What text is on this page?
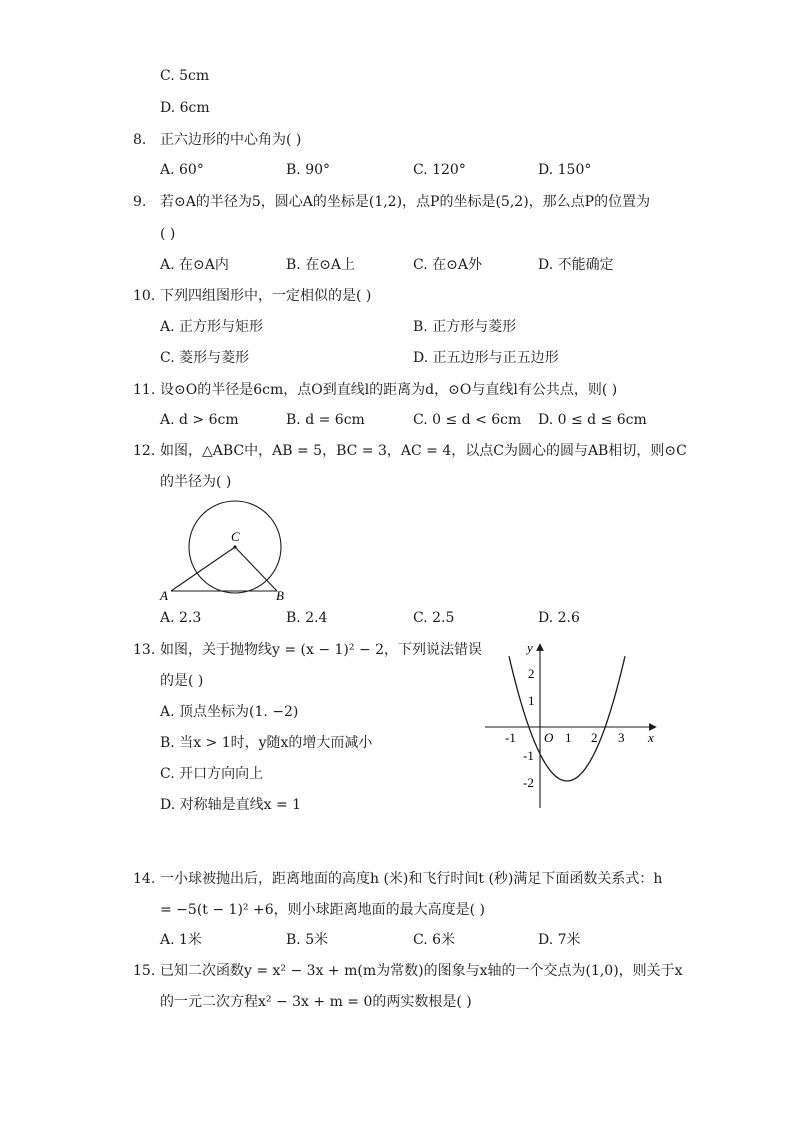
C. 5cm
D. 6cm
8. 正六边形的中心角为( )
A. 60°	B. 90°	C. 120°	D. 150°
9. 若⊙A的半径为5，圆心A的坐标是(1,2)，点P的坐标是(5,2)，那么点P的位置为
( )
A. 在⊙A内	B. 在⊙A上	C. 在⊙A外	D. 不能确定
10. 下列四组图形中，一定相似的是( )
A. 正方形与矩形	B. 正方形与菱形
C. 菱形与菱形	D. 正五边形与正五边形
11. 设⊙O的半径是6cm，点O到直线l的距离为d，⊙O与直线l有公共点，则( )
A. d > 6cm	B. d = 6cm	C. 0 ≤ d < 6cm D. 0 ≤ d ≤ 6cm
12. 如图，△ABC中，AB = 5，BC = 3，AC = 4，以点C为圆心的圆与AB相切，则⊙C
的半径为( )
C
A	B
A. 2.3	B. 2.4	C. 2.5	D. 2.6
13. 如图，关于抛物线y = (x − 1)² − 2，下列说法错误
的是( )
A. 顶点坐标为(1. −2)
B. 当x > 1时，y随x的增大而减小
C. 开口方向向上
D. 对称轴是直线x = 1
y
x
O
-1	1 2 3
2
1
-1
-2
14. 一小球被抛出后，距离地面的高度h (米)和飞行时间t (秒)满足下面函数关系式：h
= −5(t − 1)² +6，则小球距离地面的最大高度是( )
A. 1米	B. 5米	C. 6米	D. 7米
15. 已知二次函数y = x² − 3x + m(m为常数)的图象与x轴的一个交点为(1,0)，则关于x
的一元二次方程x² − 3x + m = 0的两实数根是( )
